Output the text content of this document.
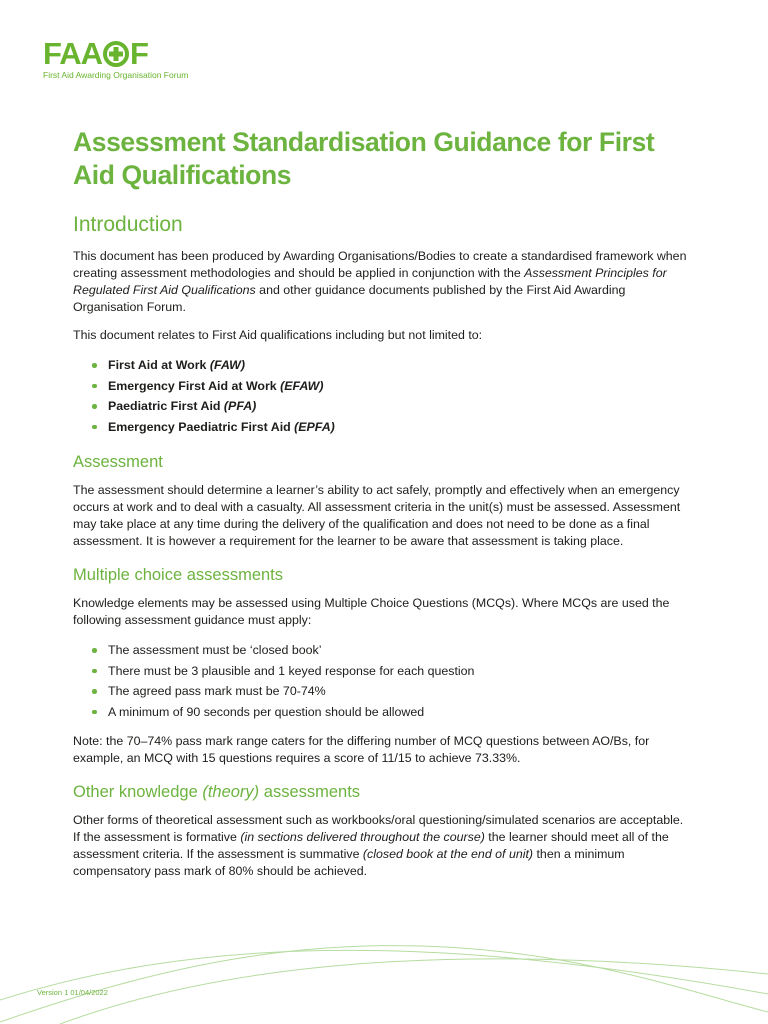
FAA F
First Aid Awarding Organisation Forum
Assessment Standardisation Guidance for First Aid Qualifications
Introduction

This document has been produced by Awarding Organisations/Bodies to create a standardised framework when creating assessment methodologies and should be applied in conjunction with the Assessment Principles for Regulated First Aid Qualifications and other guidance documents published by the First Aid Awarding Organisation Forum.

This document relates to First Aid qualifications including but not limited to:

First Aid at Work (FAW)
Emergency First Aid at Work (EFAW)
Paediatric First Aid (PFA)
Emergency Paediatric First Aid (EPFA)
Assessment

The assessment should determine a learner’s ability to act safely, promptly and effectively when an emergency occurs at work and to deal with a casualty. All assessment criteria in the unit(s) must be assessed. Assessment may take place at any time during the delivery of the qualification and does not need to be done as a final assessment. It is however a requirement for the learner to be aware that assessment is taking place.

Multiple choice assessments

Knowledge elements may be assessed using Multiple Choice Questions (MCQs). Where MCQs are used the following assessment guidance must apply:

The assessment must be ‘closed book’
There must be 3 plausible and 1 keyed response for each question
The agreed pass mark must be 70-74%
A minimum of 90 seconds per question should be allowed

Note: the 70–74% pass mark range caters for the differing number of MCQ questions between AO/Bs, for example, an MCQ with 15 questions requires a score of 11/15 to achieve 73.33%.

Other knowledge (theory) assessments

Other forms of theoretical assessment such as workbooks/oral questioning/simulated scenarios are acceptable. If the assessment is formative (in sections delivered throughout the course) the learner should meet all of the assessment criteria. If the assessment is summative (closed book at the end of unit) then a minimum compensatory pass mark of 80% should be achieved.

Version 1 01/04/2022
